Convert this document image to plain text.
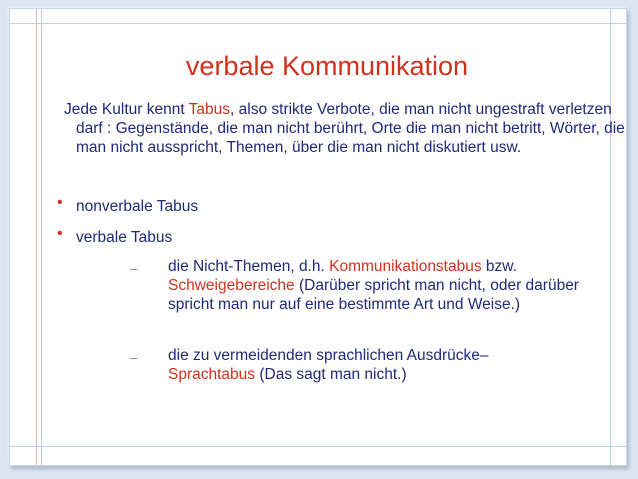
verbale Kommunikation
Jede Kultur kennt Tabus, also strikte Verbote, die man nicht ungestraft verletzen darf : Gegenstände, die man nicht berührt, Orte die man nicht betritt, Wörter, die man nicht ausspricht, Themen, über die man nicht diskutiert usw.
• nonverbale Tabus
• verbale Tabus
– die Nicht-Themen, d.h. Kommunikationstabus bzw. Schweigebereiche (Darüber spricht man nicht, oder darüber spricht man nur auf eine bestimmte Art und Weise.)
– die zu vermeidenden sprachlichen Ausdrücke–
Sprachtabus (Das sagt man nicht.)
